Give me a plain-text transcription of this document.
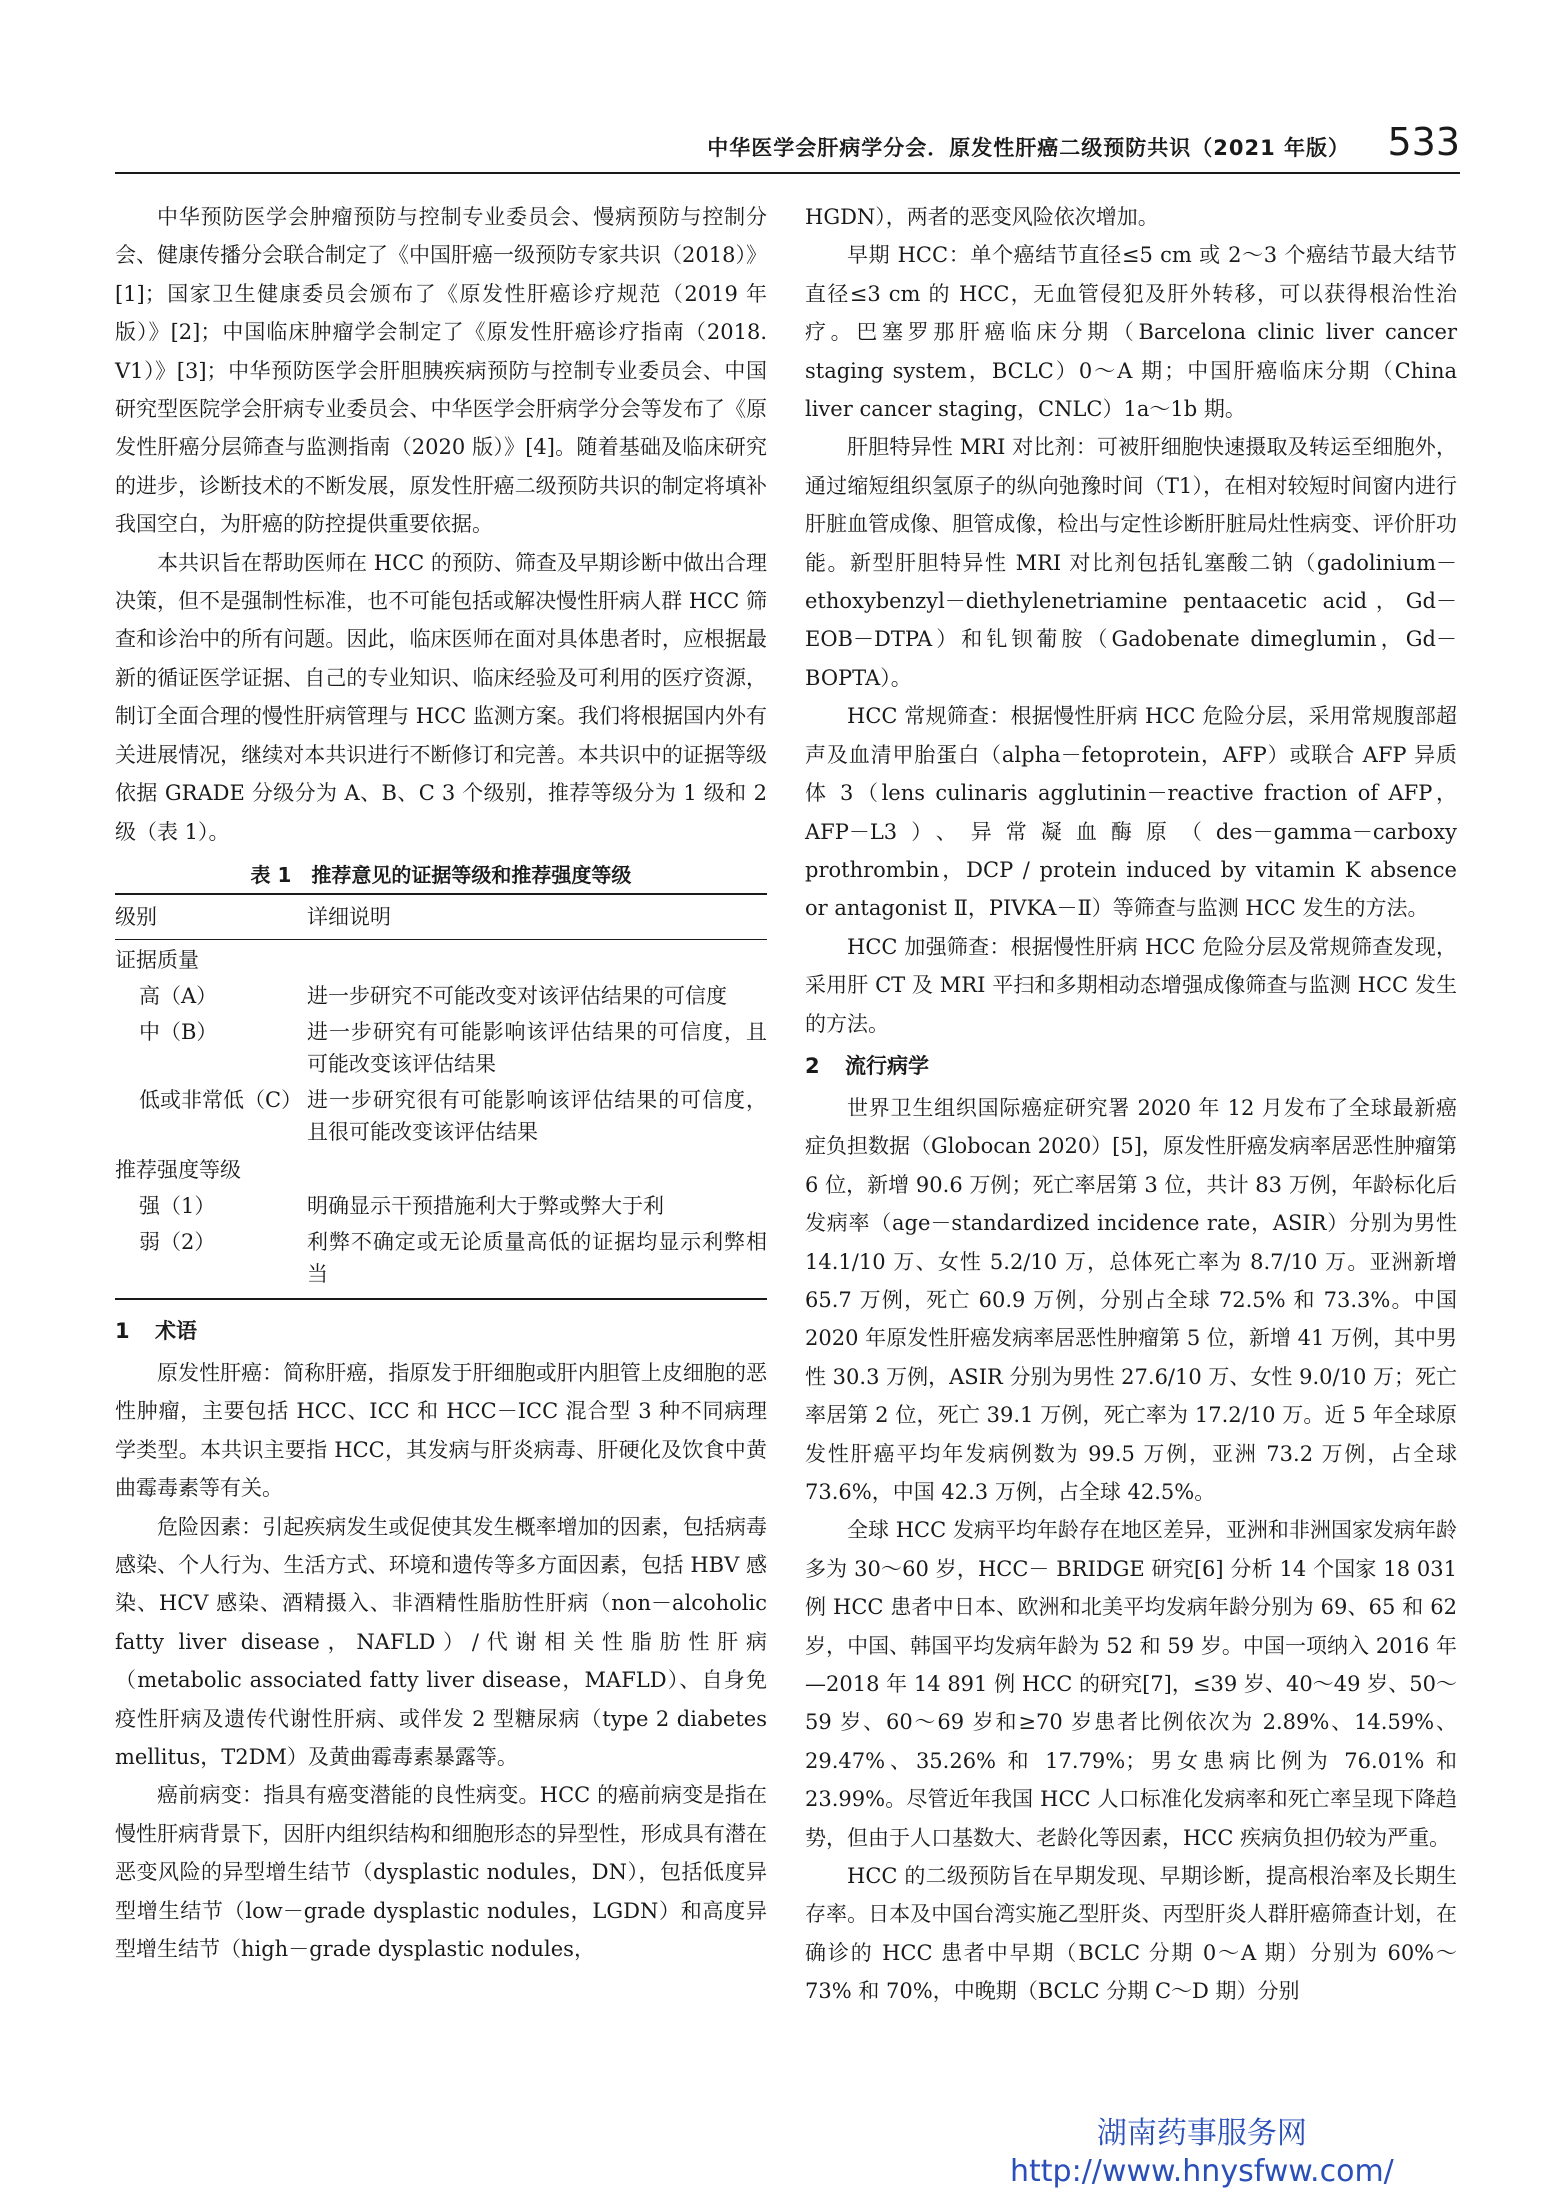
中华医学会肝病学分会．原发性肝癌二级预防共识（2021 年版） 533

中华预防医学会肿瘤预防与控制专业委员会、慢病预防与控制分会、健康传播分会联合制定了《中国肝癌一级预防专家共识（2018）》[1]；国家卫生健康委员会颁布了《原发性肝癌诊疗规范（2019 年版）》[2]；中国临床肿瘤学会制定了《原发性肝癌诊疗指南（2018. V1）》[3]；中华预防医学会肝胆胰疾病预防与控制专业委员会、中国研究型医院学会肝病专业委员会、中华医学会肝病学分会等发布了《原发性肝癌分层筛查与监测指南（2020 版）》[4]。随着基础及临床研究的进步，诊断技术的不断发展，原发性肝癌二级预防共识的制定将填补我国空白，为肝癌的防控提供重要依据。

本共识旨在帮助医师在 HCC 的预防、筛查及早期诊断中做出合理决策，但不是强制性标准，也不可能包括或解决慢性肝病人群 HCC 筛查和诊治中的所有问题。因此，临床医师在面对具体患者时，应根据最新的循证医学证据、自己的专业知识、临床经验及可利用的医疗资源，制订全面合理的慢性肝病管理与 HCC 监测方案。我们将根据国内外有关进展情况，继续对本共识进行不断修订和完善。本共识中的证据等级依据 GRADE 分级分为 A、B、C 3 个级别，推荐等级分为 1 级和 2 级（表 1）。

表 1　推荐意见的证据等级和推荐强度等级
级别	详细说明
证据质量	
高（A）	进一步研究不可能改变对该评估结果的可信度
中（B）	进一步研究有可能影响该评估结果的可信度，且可能改变该评估结果
低或非常低（C）	进一步研究很有可能影响该评估结果的可信度，且很可能改变该评估结果
推荐强度等级	
强（1）	明确显示干预措施利大于弊或弊大于利
弱（2）	利弊不确定或无论质量高低的证据均显示利弊相当
1 术语

原发性肝癌：简称肝癌，指原发于肝细胞或肝内胆管上皮细胞的恶性肿瘤，主要包括 HCC、ICC 和 HCC－ICC 混合型 3 种不同病理学类型。本共识主要指 HCC，其发病与肝炎病毒、肝硬化及饮食中黄曲霉毒素等有关。

危险因素：引起疾病发生或促使其发生概率增加的因素，包括病毒感染、个人行为、生活方式、环境和遗传等多方面因素，包括 HBV 感染、HCV 感染、酒精摄入、非酒精性脂肪性肝病（non－alcoholic fatty liver disease，NAFLD）/代谢相关性脂肪性肝病（metabolic associated fatty liver disease，MAFLD）、自身免疫性肝病及遗传代谢性肝病、或伴发 2 型糖尿病（type 2 diabetes mellitus，T2DM）及黄曲霉毒素暴露等。

癌前病变：指具有癌变潜能的良性病变。HCC 的癌前病变是指在慢性肝病背景下，因肝内组织结构和细胞形态的异型性，形成具有潜在恶变风险的异型增生结节（dysplastic nodules，DN），包括低度异型增生结节（low－grade dysplastic nodules，LGDN）和高度异型增生结节（high－grade dysplastic nodules，

HGDN），两者的恶变风险依次增加。

早期 HCC：单个癌结节直径≤5 cm 或 2～3 个癌结节最大结节直径≤3 cm 的 HCC，无血管侵犯及肝外转移，可以获得根治性治疗。巴塞罗那肝癌临床分期（Barcelona clinic liver cancer staging system，BCLC）0～A 期；中国肝癌临床分期（China liver cancer staging，CNLC）1a～1b 期。

肝胆特异性 MRI 对比剂：可被肝细胞快速摄取及转运至细胞外，通过缩短组织氢原子的纵向弛豫时间（T1），在相对较短时间窗内进行肝脏血管成像、胆管成像，检出与定性诊断肝脏局灶性病变、评价肝功能。新型肝胆特异性 MRI 对比剂包括钆塞酸二钠（gadolinium－ethoxybenzyl－diethylenetriamine pentaacetic acid，Gd－EOB－DTPA）和钆钡葡胺（Gadobenate dimeglumin，Gd－BOPTA）。

HCC 常规筛查：根据慢性肝病 HCC 危险分层，采用常规腹部超声及血清甲胎蛋白（alpha－fetoprotein，AFP）或联合 AFP 异质体 3（lens culinaris agglutinin－reactive fraction of AFP，AFP－L3）、异常凝血酶原（des－gamma－carboxy prothrombin，DCP / protein induced by vitamin K absence or antagonist Ⅱ，PIVKA－Ⅱ）等筛查与监测 HCC 发生的方法。

HCC 加强筛查：根据慢性肝病 HCC 危险分层及常规筛查发现，采用肝 CT 及 MRI 平扫和多期相动态增强成像筛查与监测 HCC 发生的方法。

2 流行病学

世界卫生组织国际癌症研究署 2020 年 12 月发布了全球最新癌症负担数据（Globocan 2020）[5]，原发性肝癌发病率居恶性肿瘤第 6 位，新增 90.6 万例；死亡率居第 3 位，共计 83 万例，年龄标化后发病率（age－standardized incidence rate，ASIR）分别为男性 14.1/10 万、女性 5.2/10 万，总体死亡率为 8.7/10 万。亚洲新增 65.7 万例，死亡 60.9 万例，分别占全球 72.5% 和 73.3%。中国 2020 年原发性肝癌发病率居恶性肿瘤第 5 位，新增 41 万例，其中男性 30.3 万例，ASIR 分别为男性 27.6/10 万、女性 9.0/10 万；死亡率居第 2 位，死亡 39.1 万例，死亡率为 17.2/10 万。近 5 年全球原发性肝癌平均年发病例数为 99.5 万例，亚洲 73.2 万例，占全球 73.6%，中国 42.3 万例，占全球 42.5%。

全球 HCC 发病平均年龄存在地区差异，亚洲和非洲国家发病年龄多为 30～60 岁，HCC－ BRIDGE 研究[6] 分析 14 个国家 18 031 例 HCC 患者中日本、欧洲和北美平均发病年龄分别为 69、65 和 62 岁，中国、韩国平均发病年龄为 52 和 59 岁。中国一项纳入 2016 年—2018 年 14 891 例 HCC 的研究[7]，≤39 岁、40～49 岁、50～59 岁、60～69 岁和≥70 岁患者比例依次为 2.89%、14.59%、29.47%、35.26% 和 17.79%；男女患病比例为 76.01% 和 23.99%。尽管近年我国 HCC 人口标准化发病率和死亡率呈现下降趋势，但由于人口基数大、老龄化等因素，HCC 疾病负担仍较为严重。

HCC 的二级预防旨在早期发现、早期诊断，提高根治率及长期生存率。日本及中国台湾实施乙型肝炎、丙型肝炎人群肝癌筛查计划，在确诊的 HCC 患者中早期（BCLC 分期 0～A 期）分别为 60%～73% 和 70%，中晚期（BCLC 分期 C～D 期）分别

湖南药事服务网
http://www.hnysfww.com/
